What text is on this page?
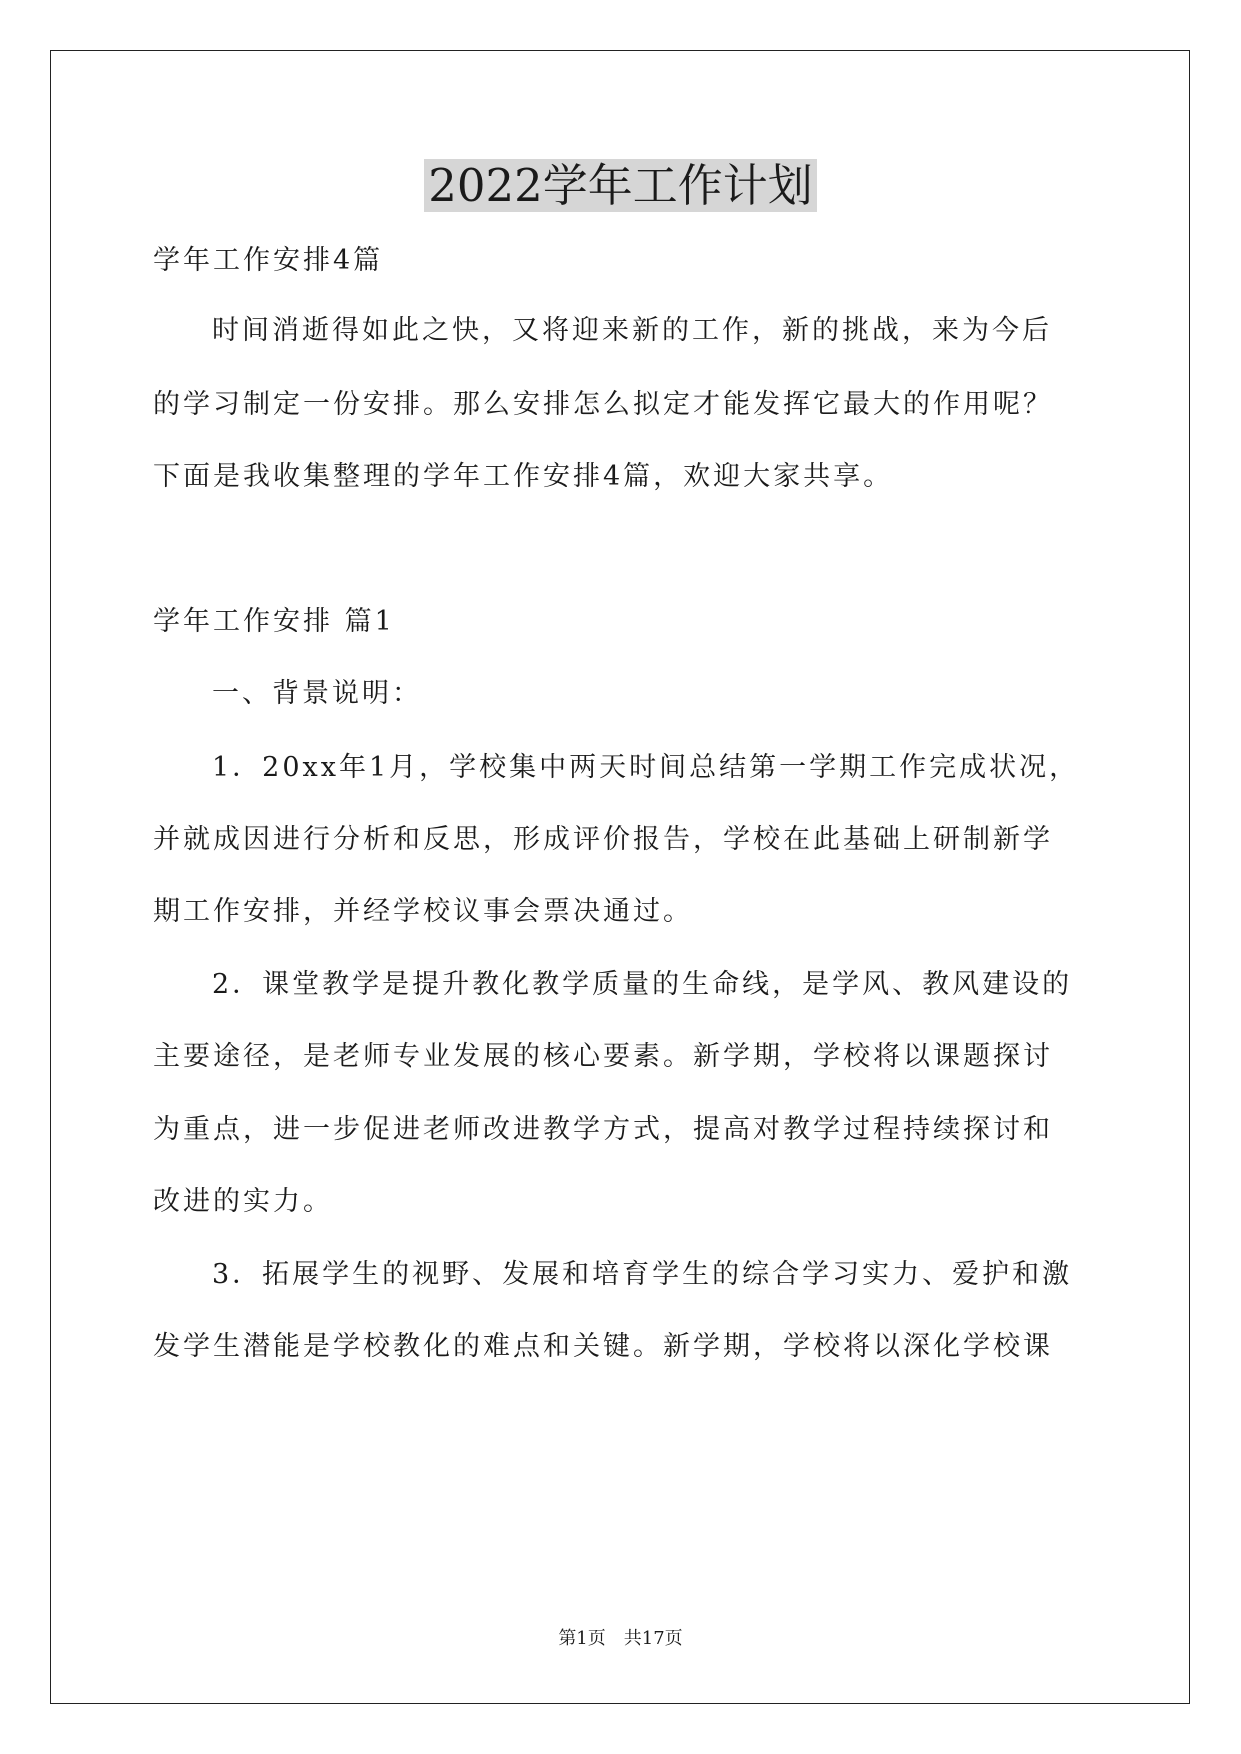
2022学年工作计划
学年工作安排4篇
时间消逝得如此之快，又将迎来新的工作，新的挑战，来为今后
的学习制定一份安排。那么安排怎么拟定才能发挥它最大的作用呢？
下面是我收集整理的学年工作安排4篇，欢迎大家共享。
学年工作安排 篇1
一、背景说明：
1．20xx年1月，学校集中两天时间总结第一学期工作完成状况，
并就成因进行分析和反思，形成评价报告，学校在此基础上研制新学
期工作安排，并经学校议事会票决通过。
2．课堂教学是提升教化教学质量的生命线，是学风、教风建设的
主要途径，是老师专业发展的核心要素。新学期，学校将以课题探讨
为重点，进一步促进老师改进教学方式，提高对教学过程持续探讨和
改进的实力。
3．拓展学生的视野、发展和培育学生的综合学习实力、爱护和激
发学生潜能是学校教化的难点和关键。新学期，学校将以深化学校课
第1页　共17页
